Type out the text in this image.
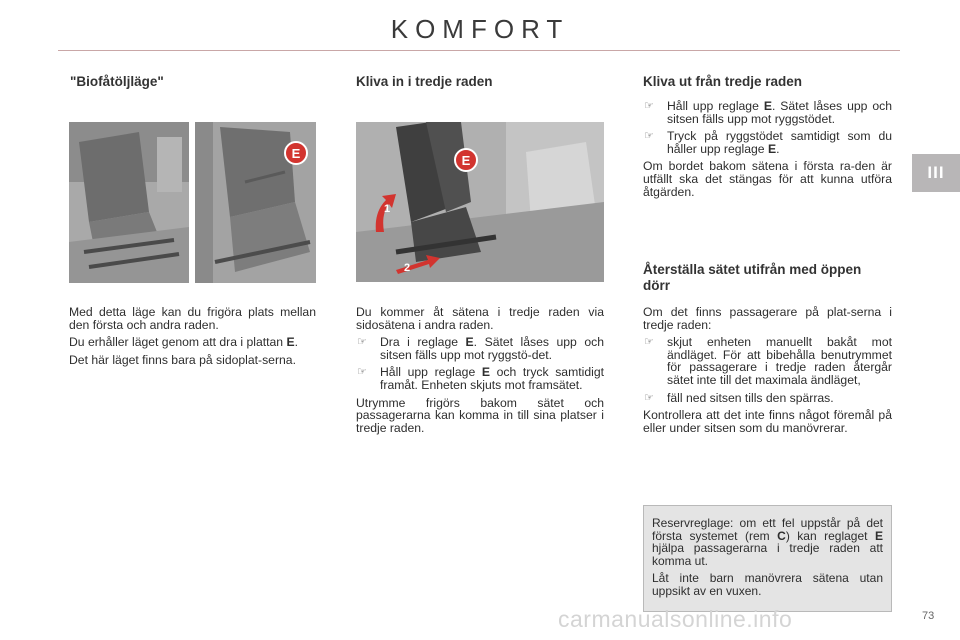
KOMFORT
III
"Biofåtöljläge"
E

Med detta läge kan du frigöra plats mellan den första och andra raden.

Du erhåller läget genom att dra i plattan E.

Det här läget finns bara på sidoplat-serna.

Kliva in i tredje raden
1
2
E

Du kommer åt sätena i tredje raden via sidosätena i andra raden.

☞ Dra i reglage E. Sätet låses upp och sitsen fälls upp mot ryggstö-det.
☞ Håll upp reglage E och tryck samtidigt framåt. Enheten skjuts mot framsätet.

Utrymme frigörs bakom sätet och passagerarna kan komma in till sina platser i tredje raden.

Kliva ut från tredje raden
☞ Håll upp reglage E. Sätet låses upp och sitsen fälls upp mot ryggstödet.
☞ Tryck på ryggstödet samtidigt som du håller upp reglage E.

Om bordet bakom sätena i första ra-den är utfällt ska det stängas för att kunna utföra åtgärden.

Återställa sätet utifrån med öppen dörr

Om det finns passagerare på plat-serna i tredje raden:

☞ skjut enheten manuellt bakåt mot ändläget. För att bibehålla benutrymmet för passagerare i tredje raden återgår sätet inte till det maximala ändläget,
☞ fäll ned sitsen tills den spärras.

Kontrollera att det inte finns något föremål på eller under sitsen som du manövrerar.

Reservreglage: om ett fel uppstår på det första systemet (rem C) kan reglaget E hjälpa passagerarna i tredje raden att komma ut.

Låt inte barn manövrera sätena utan uppsikt av en vuxen.

carmanualsonline.info	73
